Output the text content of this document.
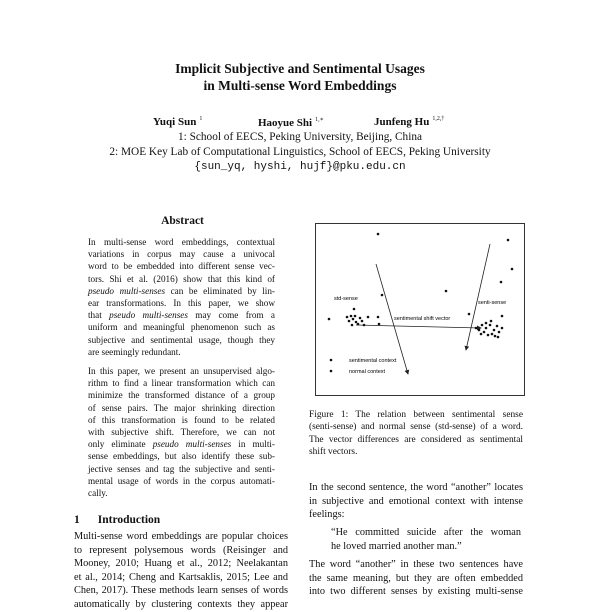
Implicit Subjective and Sentimental Usages
in Multi-sense Word Embeddings
Yuqi Sun $^1$	Haoyue Shi $^{1,∗}$	Junfeng Hu $^{1,2,\dagger}$
1: School of EECS, Peking University, Beijing, China
2: MOE Key Lab of Computational Linguistics, School of EECS, Peking University
{sun_yq, hyshi, hujf}@pku.edu.cn
Abstract
In multi-sense word embeddings, contextual
variations in corpus may cause a univocal
word to be embedded into different sense vec-
tors. Shi et al. (2016) show that this kind of
pseudo multi-senses can be eliminated by lin-
ear transformations. In this paper, we show
that pseudo multi-senses may come from a
uniform and meaningful phenomenon such as
subjective and sentimental usage, though they
are seemingly redundant.
In this paper, we present an unsupervised algo-
rithm to find a linear transformation which can
minimize the transformed distance of a group
of sense pairs. The major shrinking direction
of this transformation is found to be related
with subjective shift. Therefore, we can not
only eliminate pseudo multi-senses in multi-
sense embeddings, but also identify these sub-
jective senses and tag the subjective and senti-
mental usage of words in the corpus automati-
cally.
1 Introduction
Multi-sense word embeddings are popular choices
to represent polysemous words (Reisinger and
Mooney, 2010; Huang et al., 2012; Neelakantan
et al., 2014; Cheng and Kartsaklis, 2015; Lee and
Chen, 2017). These methods learn senses of words
automatically by clustering contexts they appear
std-sense
senti-sense
sentimental shift vector
sentimental context
normal context
Figure 1: The relation between sentimental sense
(senti-sense) and normal sense (std-sense) of a word.
The vector differences are considered as sentimental
shift vectors.
In the second sentence, the word “another” locates
in subjective and emotional context with intense
feelings:
“He committed suicide after the woman
he loved married another man.”
The word “another” in these two sentences have
the same meaning, but they are often embedded
into two different senses by existing multi-sense
